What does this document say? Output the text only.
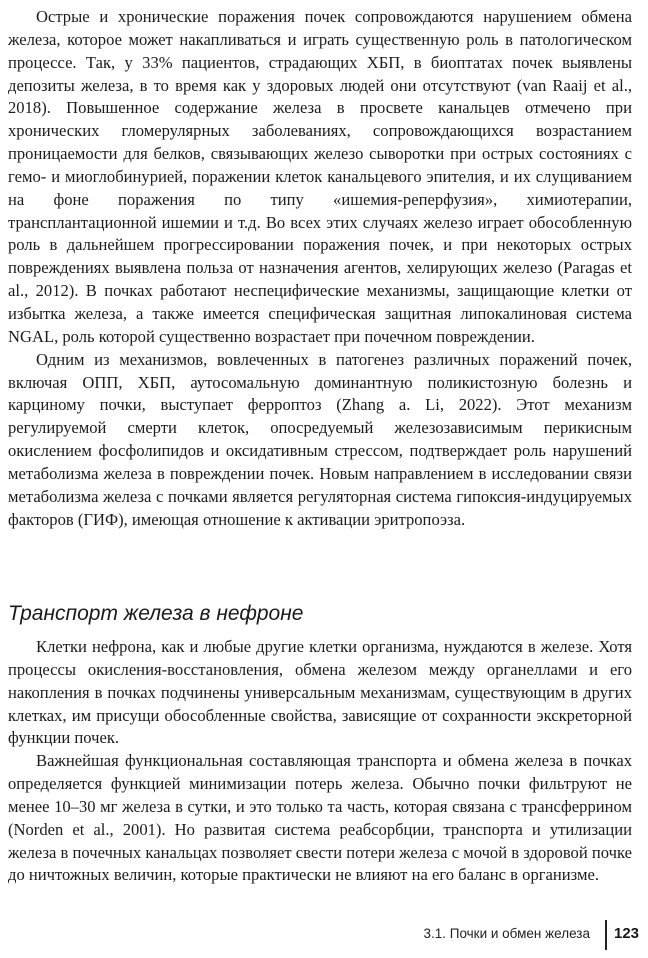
Острые и хронические поражения почек сопровождаются нарушением обмена железа, которое может накапливаться и играть существенную роль в патологическом процессе. Так, у 33% пациентов, страдающих ХБП, в биоптатах почек выявлены депозиты железа, в то время как у здоровых людей они отсутствуют (van Raaij et al., 2018). Повышенное содержание железа в просвете канальцев отмечено при хронических гломерулярных заболеваниях, сопровождающихся возрастанием проницаемости для белков, связывающих железо сыворотки при острых состояниях с гемо- и миоглобинурией, поражении клеток канальцевого эпителия, и их слущиванием на фоне поражения по типу «ишемия-реперфузия», химиотерапии, трансплантационной ишемии и т.д. Во всех этих случаях железо играет обособленную роль в дальнейшем прогрессировании поражения почек, и при некоторых острых повреждениях выявлена польза от назначения агентов, хелирующих железо (Paragas et al., 2012). В почках работают неспецифические механизмы, защищающие клетки от избытка железа, а также имеется специфическая защитная липокалиновая система NGAL, роль которой существенно возрастает при почечном повреждении.

Одним из механизмов, вовлеченных в патогенез различных поражений почек, включая ОПП, ХБП, аутосомальную доминантную поликистозную болезнь и карциному почки, выступает ферроптоз (Zhang a. Li, 2022). Этот механизм регулируемой смерти клеток, опосредуемый железозависимым перикисным окислением фосфолипидов и оксидативным стрессом, подтверждает роль нарушений метаболизма железа в повреждении почек. Новым направлением в исследовании связи метаболизма железа с почками является регуляторная система гипоксия-индуцируемых факторов (ГИФ), имеющая отношение к активации эритропоэза.

Транспорт железа в нефроне

Клетки нефрона, как и любые другие клетки организма, нуждаются в железе. Хотя процессы окисления-восстановления, обмена железом между органеллами и его накопления в почках подчинены универсальным механизмам, существующим в других клетках, им присущи обособленные свойства, зависящие от сохранности экскреторной функции почек.

Важнейшая функциональная составляющая транспорта и обмена железа в почках определяется функцией минимизации потерь железа. Обычно почки фильтруют не менее 10–30 мг железа в сутки, и это только та часть, которая связана с трансферрином (Norden et al., 2001). Но развитая система реабсорбции, транспорта и утилизации железа в почечных канальцах позволяет свести потери железа с мочой в здоровой почке до ничтожных величин, которые практически не влияют на его баланс в организме.

3.1. Почки и обмен железа 123
